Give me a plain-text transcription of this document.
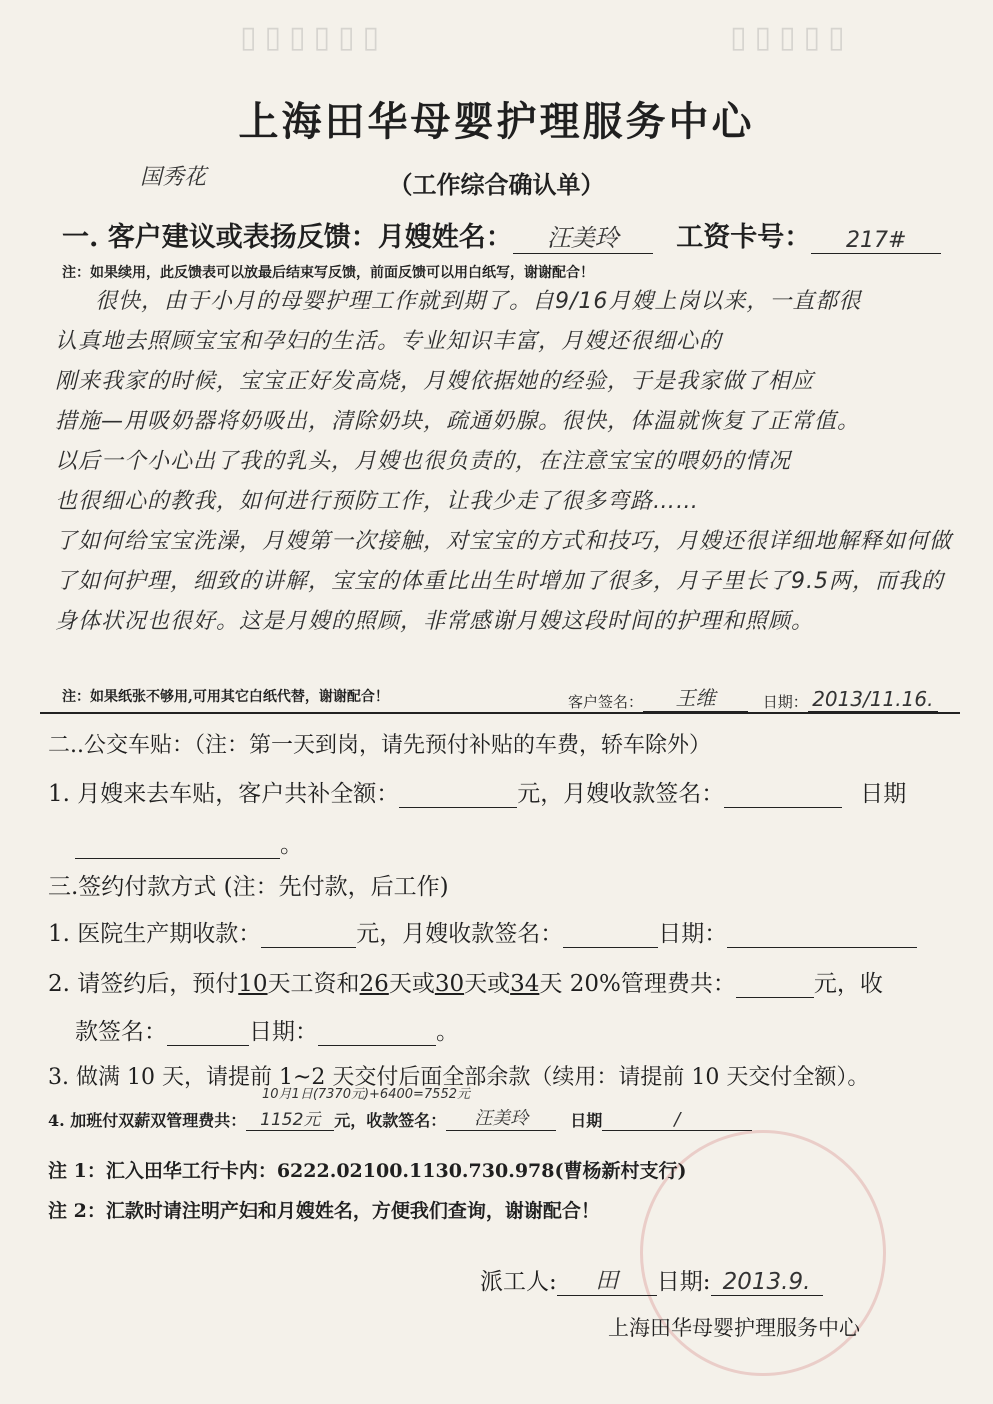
▯▯▯▯▯▯	▯▯▯▯▯
上海田华母婴护理服务中心
国秀花	（工作综合确认单）
一. 客户建议或表扬反馈：月嫂姓名： 汪美玲 工资卡号： 217#
注：如果续用，此反馈表可以放最后结束写反馈，前面反馈可以用白纸写，谢谢配合！
很快，由于小月的母婴护理工作就到期了。自9/16月嫂上岗以来，一直都很
认真地去照顾宝宝和孕妇的生活。专业知识丰富，月嫂还很细心的
刚来我家的时候，宝宝正好发高烧，月嫂依据她的经验，于是我家做了相应
措施—用吸奶器将奶吸出，清除奶块，疏通奶腺。很快，体温就恢复了正常值。
以后一个小心出了我的乳头，月嫂也很负责的，在注意宝宝的喂奶的情况
也很细心的教我，如何进行预防工作，让我少走了很多弯路……
了如何给宝宝洗澡，月嫂第一次接触，对宝宝的方式和技巧，月嫂还很详细地解释如何做
了如何护理，细致的讲解，宝宝的体重比出生时增加了很多，月子里长了9.5两，而我的
身体状况也很好。这是月嫂的照顾，非常感谢月嫂这段时间的护理和照顾。
注：如果纸张不够用,可用其它白纸代替，谢谢配合！	客户签名： 王维	日期： 2013/11.16.
二..公交车贴：（注：第一天到岗，请先预付补贴的车费，轿车除外）
1. 月嫂来去车贴，客户共补全额：	元，月嫂收款签名：	日期
。
三.签约付款方式 (注：先付款，后工作)
1. 医院生产期收款：	元，月嫂收款签名：	日期：
2. 请签约后，预付10天工资和26天或30天或34天 20%管理费共：	元，收
款签名：	日期：	。
3. 做满 10 天，请提前 1~2 天交付后面全部余款（续用：请提前 10 天交付全额）。
10月1日(7370元)+6400=7552元
4. 加班付双薪双管理费共： 1152元 元，收款签名： 汪美玲	日期	/
注 1：汇入田华工行卡内：6222.02100.1130.730.978(曹杨新村支行)
注 2：汇款时请注明产妇和月嫂姓名，方便我们查询，谢谢配合！
派工人: 田 日期: 2013.9.
上海田华母婴护理服务中心
